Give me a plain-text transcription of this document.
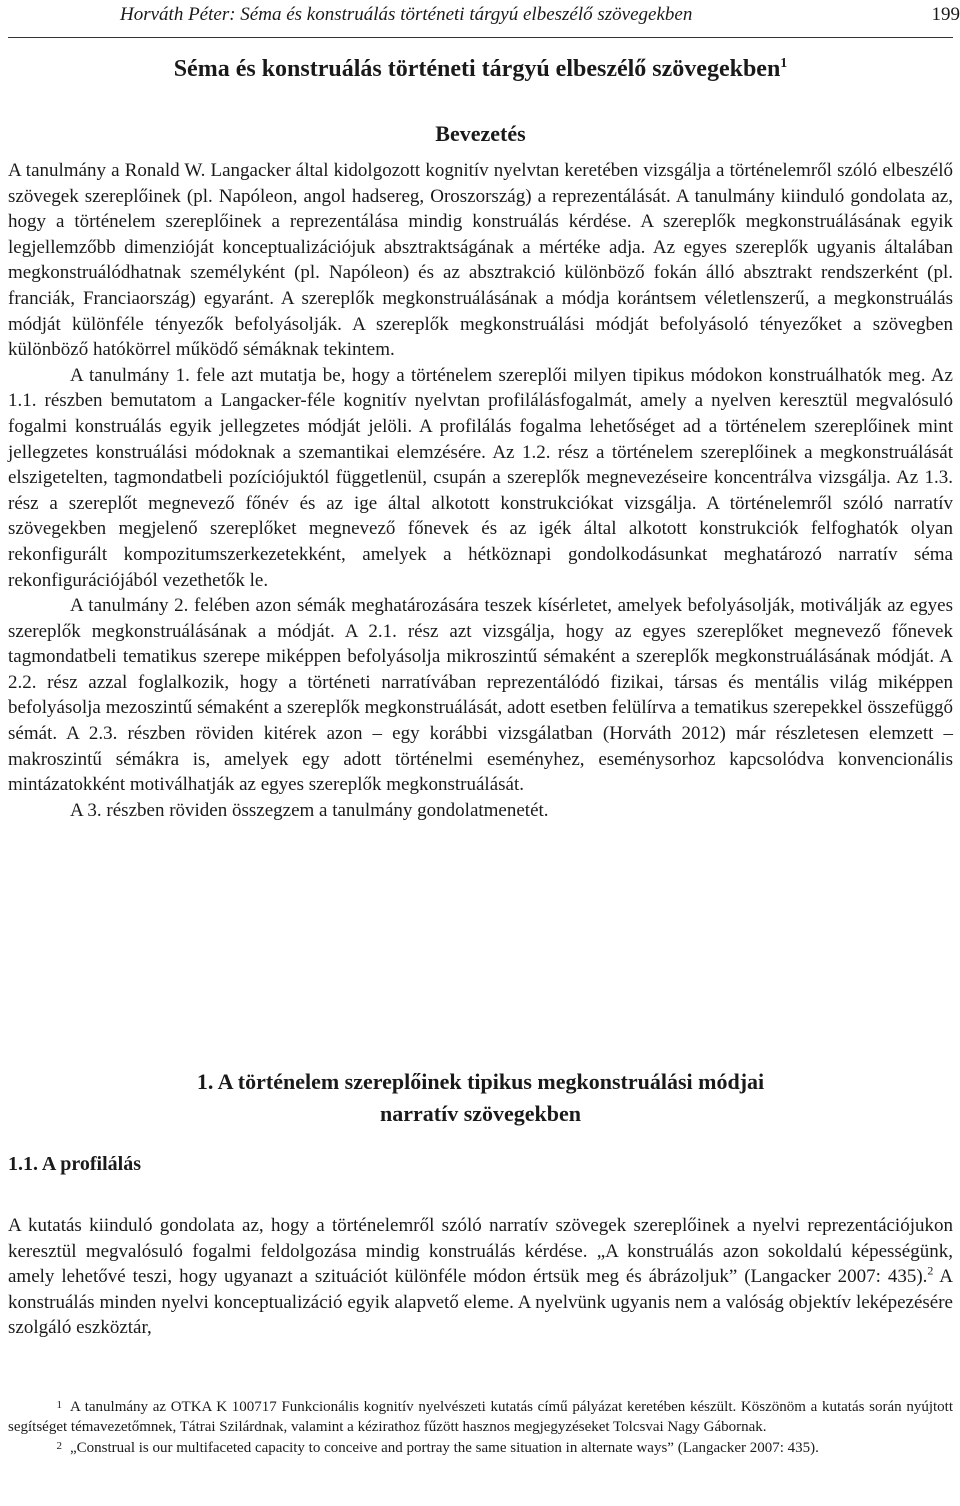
Horváth Péter: Séma és konstruálás történeti tárgyú elbeszélő szövegekben	199
Séma és konstruálás történeti tárgyú elbeszélő szövegekben$^1$
Bevezetés

A tanulmány a Ronald W. Langacker által kidolgozott kognitív nyelvtan keretében vizsgálja a történelemről szóló elbeszélő szövegek szereplőinek (pl. Napóleon, angol hadsereg, Oroszország) a reprezentálását. A tanulmány kiinduló gondolata az, hogy a történelem szereplőinek a reprezentálása mindig konstruálás kérdése. A szereplők megkonstruálásának egyik legjellemzőbb dimenzióját konceptualizációjuk absztraktságának a mértéke adja. Az egyes szereplők ugyanis általában megkonstruálódhatnak személyként (pl. Napóleon) és az absztrakció különböző fokán álló absztrakt rendszerként (pl. franciák, Franciaország) egyaránt. A szereplők megkonstruálásának a módja korántsem véletlenszerű, a megkonstruálás módját különféle tényezők befolyásolják. A szereplők megkonstruálási módját befolyásoló tényezőket a szövegben különböző hatókörrel működő sémáknak tekintem.

A tanulmány 1. fele azt mutatja be, hogy a történelem szereplői milyen tipikus módokon konstruálhatók meg. Az 1.1. részben bemutatom a Langacker-féle kognitív nyelvtan profilálásfogalmát, amely a nyelven keresztül megvalósuló fogalmi konstruálás egyik jellegzetes módját jelöli. A profilálás fogalma lehetőséget ad a történelem szereplőinek mint jellegzetes konstruálási módoknak a szemantikai elemzésére. Az 1.2. rész a történelem szereplőinek a megkonstruálását elszigetelten, tagmondatbeli pozíciójuktól függetlenül, csupán a szereplők megnevezéseire koncentrálva vizsgálja. Az 1.3. rész a szereplőt megnevező főnév és az ige által alkotott konstrukciókat vizsgálja. A történelemről szóló narratív szövegekben megjelenő szereplőket megnevező főnevek és az igék által alkotott konstrukciók felfoghatók olyan rekonfigurált kompozitumszerkezetekként, amelyek a hétköznapi gondolkodásunkat meghatározó narratív séma rekonfigurációjából vezethetők le.

A tanulmány 2. felében azon sémák meghatározására teszek kísérletet, amelyek befolyásolják, motiválják az egyes szereplők megkonstruálásának a módját. A 2.1. rész azt vizsgálja, hogy az egyes szereplőket megnevező főnevek tagmondatbeli tematikus szerepe miképpen befolyásolja mikroszintű sémaként a szereplők megkonstruálásának módját. A 2.2. rész azzal foglalkozik, hogy a történeti narratívában reprezentálódó fizikai, társas és mentális világ miképpen befolyásolja mezoszintű sémaként a szereplők megkonstruálását, adott esetben felülírva a tematikus szerepekkel összefüggő sémát. A 2.3. részben röviden kitérek azon – egy korábbi vizsgálatban (Horváth 2012) már részletesen elemzett – makroszintű sémákra is, amelyek egy adott történelmi eseményhez, eseménysorhoz kapcsolódva konvencionális mintázatokként motiválhatják az egyes szereplők megkonstruálását.

A 3. részben röviden összegzem a tanulmány gondolatmenetét.

1. A történelem szereplőinek tipikus megkonstruálási módjai
narratív szövegekben
1.1. A profilálás

A kutatás kiinduló gondolata az, hogy a történelemről szóló narratív szövegek szereplőinek a nyelvi reprezentációjukon keresztül megvalósuló fogalmi feldolgozása mindig konstruálás kérdése. „A konstruálás azon sokoldalú képességünk, amely lehetővé teszi, hogy ugyanazt a szituációt különféle módon értsük meg és ábrázoljuk” (Langacker 2007: 435).$^2$ A konstruálás minden nyelvi konceptualizáció egyik alapvető eleme. A nyelvünk ugyanis nem a valóság objektív leképezésére szolgáló eszköztár,

1 A tanulmány az OTKA K 100717 Funkcionális kognitív nyelvészeti kutatás című pályázat keretében készült. Köszönöm a kutatás során nyújtott segítséget témavezetőmnek, Tátrai Szilárdnak, valamint a kézirathoz fűzött hasznos megjegyzéseket Tolcsvai Nagy Gábornak.

2 „Construal is our multifaceted capacity to conceive and portray the same situation in alternate ways” (Langacker 2007: 435).
